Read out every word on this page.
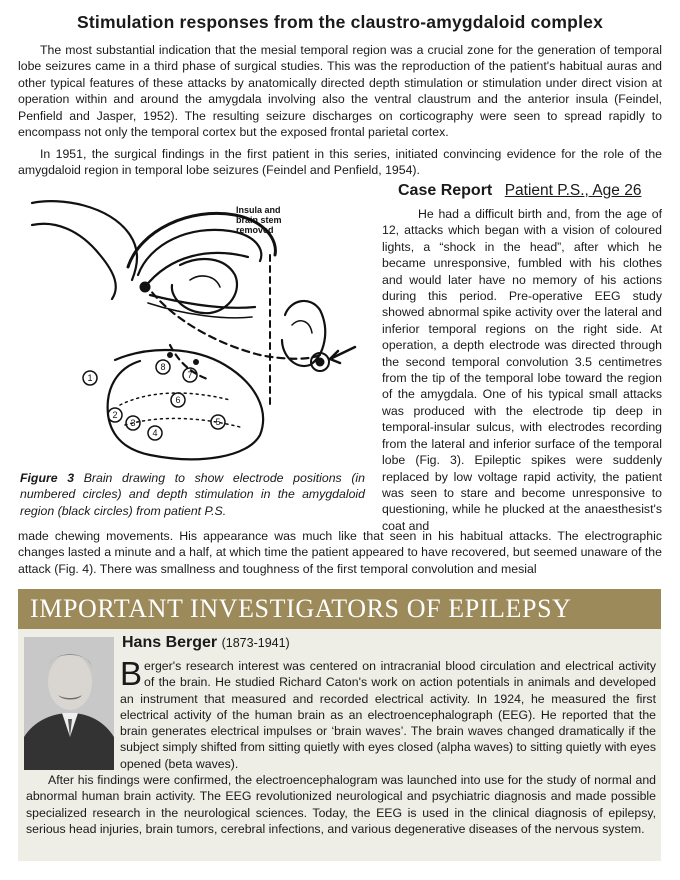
Stimulation responses from the claustro-amygdaloid complex

The most substantial indication that the mesial temporal region was a crucial zone for the generation of temporal lobe seizures came in a third phase of surgical studies. This was the reproduction of the patient's habitual auras and other typical features of these attacks by anatomically directed depth stimulation or stimulation under direct vision at operation within and around the amygdala involving also the ventral claustrum and the anterior insula (Feindel, Penfield and Jasper, 1952). The resulting seizure discharges on corticography were seen to spread rapidly to encompass not only the temporal cortex but the exposed frontal parietal cortex.

In 1951, the surgical findings in the first patient in this series, initiated convincing evidence for the role of the amygdaloid region in temporal lobe seizures (Feindel and Penfield, 1954).

Insula and
brain stem
removed
1
2
3
4
5
6
7
8
Figure 3 Brain drawing to show electrode positions (in numbered circles) and depth stimulation in the amygdaloid region (black circles) from patient P.S.
Case Report Patient P.S., Age 26

He had a difficult birth and, from the age of 12, attacks which began with a vision of coloured lights, a “shock in the head”, after which he became unresponsive, fumbled with his clothes and would later have no memory of his actions during this period. Pre-operative EEG study showed abnormal spike activity over the lateral and inferior temporal regions on the right side. At operation, a depth electrode was directed through the second temporal convolution 3.5 centimetres from the tip of the temporal lobe toward the region of the amygdala. One of his typical small attacks was produced with the electrode tip deep in temporal-insular sulcus, with electrodes recording from the lateral and inferior surface of the temporal lobe (Fig. 3). Epileptic spikes were suddenly replaced by low voltage rapid activity, the patient was seen to stare and become unresponsive to questioning, while he plucked at the anaesthesist's coat and

made chewing movements. His appearance was much like that seen in his habitual attacks. The electrographic changes lasted a minute and a half, at which time the patient appeared to have recovered, but seemed unaware of the attack (Fig. 4). There was smallness and toughness of the first temporal convolution and mesial

IMPORTANT INVESTIGATORS OF EPILEPSY
Hans Berger (1873-1941)

Berger's research interest was centered on intracranial blood circulation and electrical activity of the brain. He studied Richard Caton's work on action potentials in animals and developed an instrument that measured and recorded electrical activity. In 1924, he measured the first electrical activity of the human brain as an electroencephalograph (EEG). He reported that the brain generates electrical impulses or ‘brain waves’. The brain waves changed dramatically if the subject simply shifted from sitting quietly with eyes closed (alpha waves) to sitting quietly with eyes opened (beta waves).

After his findings were confirmed, the electroencephalogram was launched into use for the study of normal and abnormal human brain activity. The EEG revolutionized neurological and psychiatric diagnosis and made possible specialized research in the neurological sciences. Today, the EEG is used in the clinical diagnosis of epilepsy, serious head injuries, brain tumors, cerebral infections, and various degenerative diseases of the nervous system.
